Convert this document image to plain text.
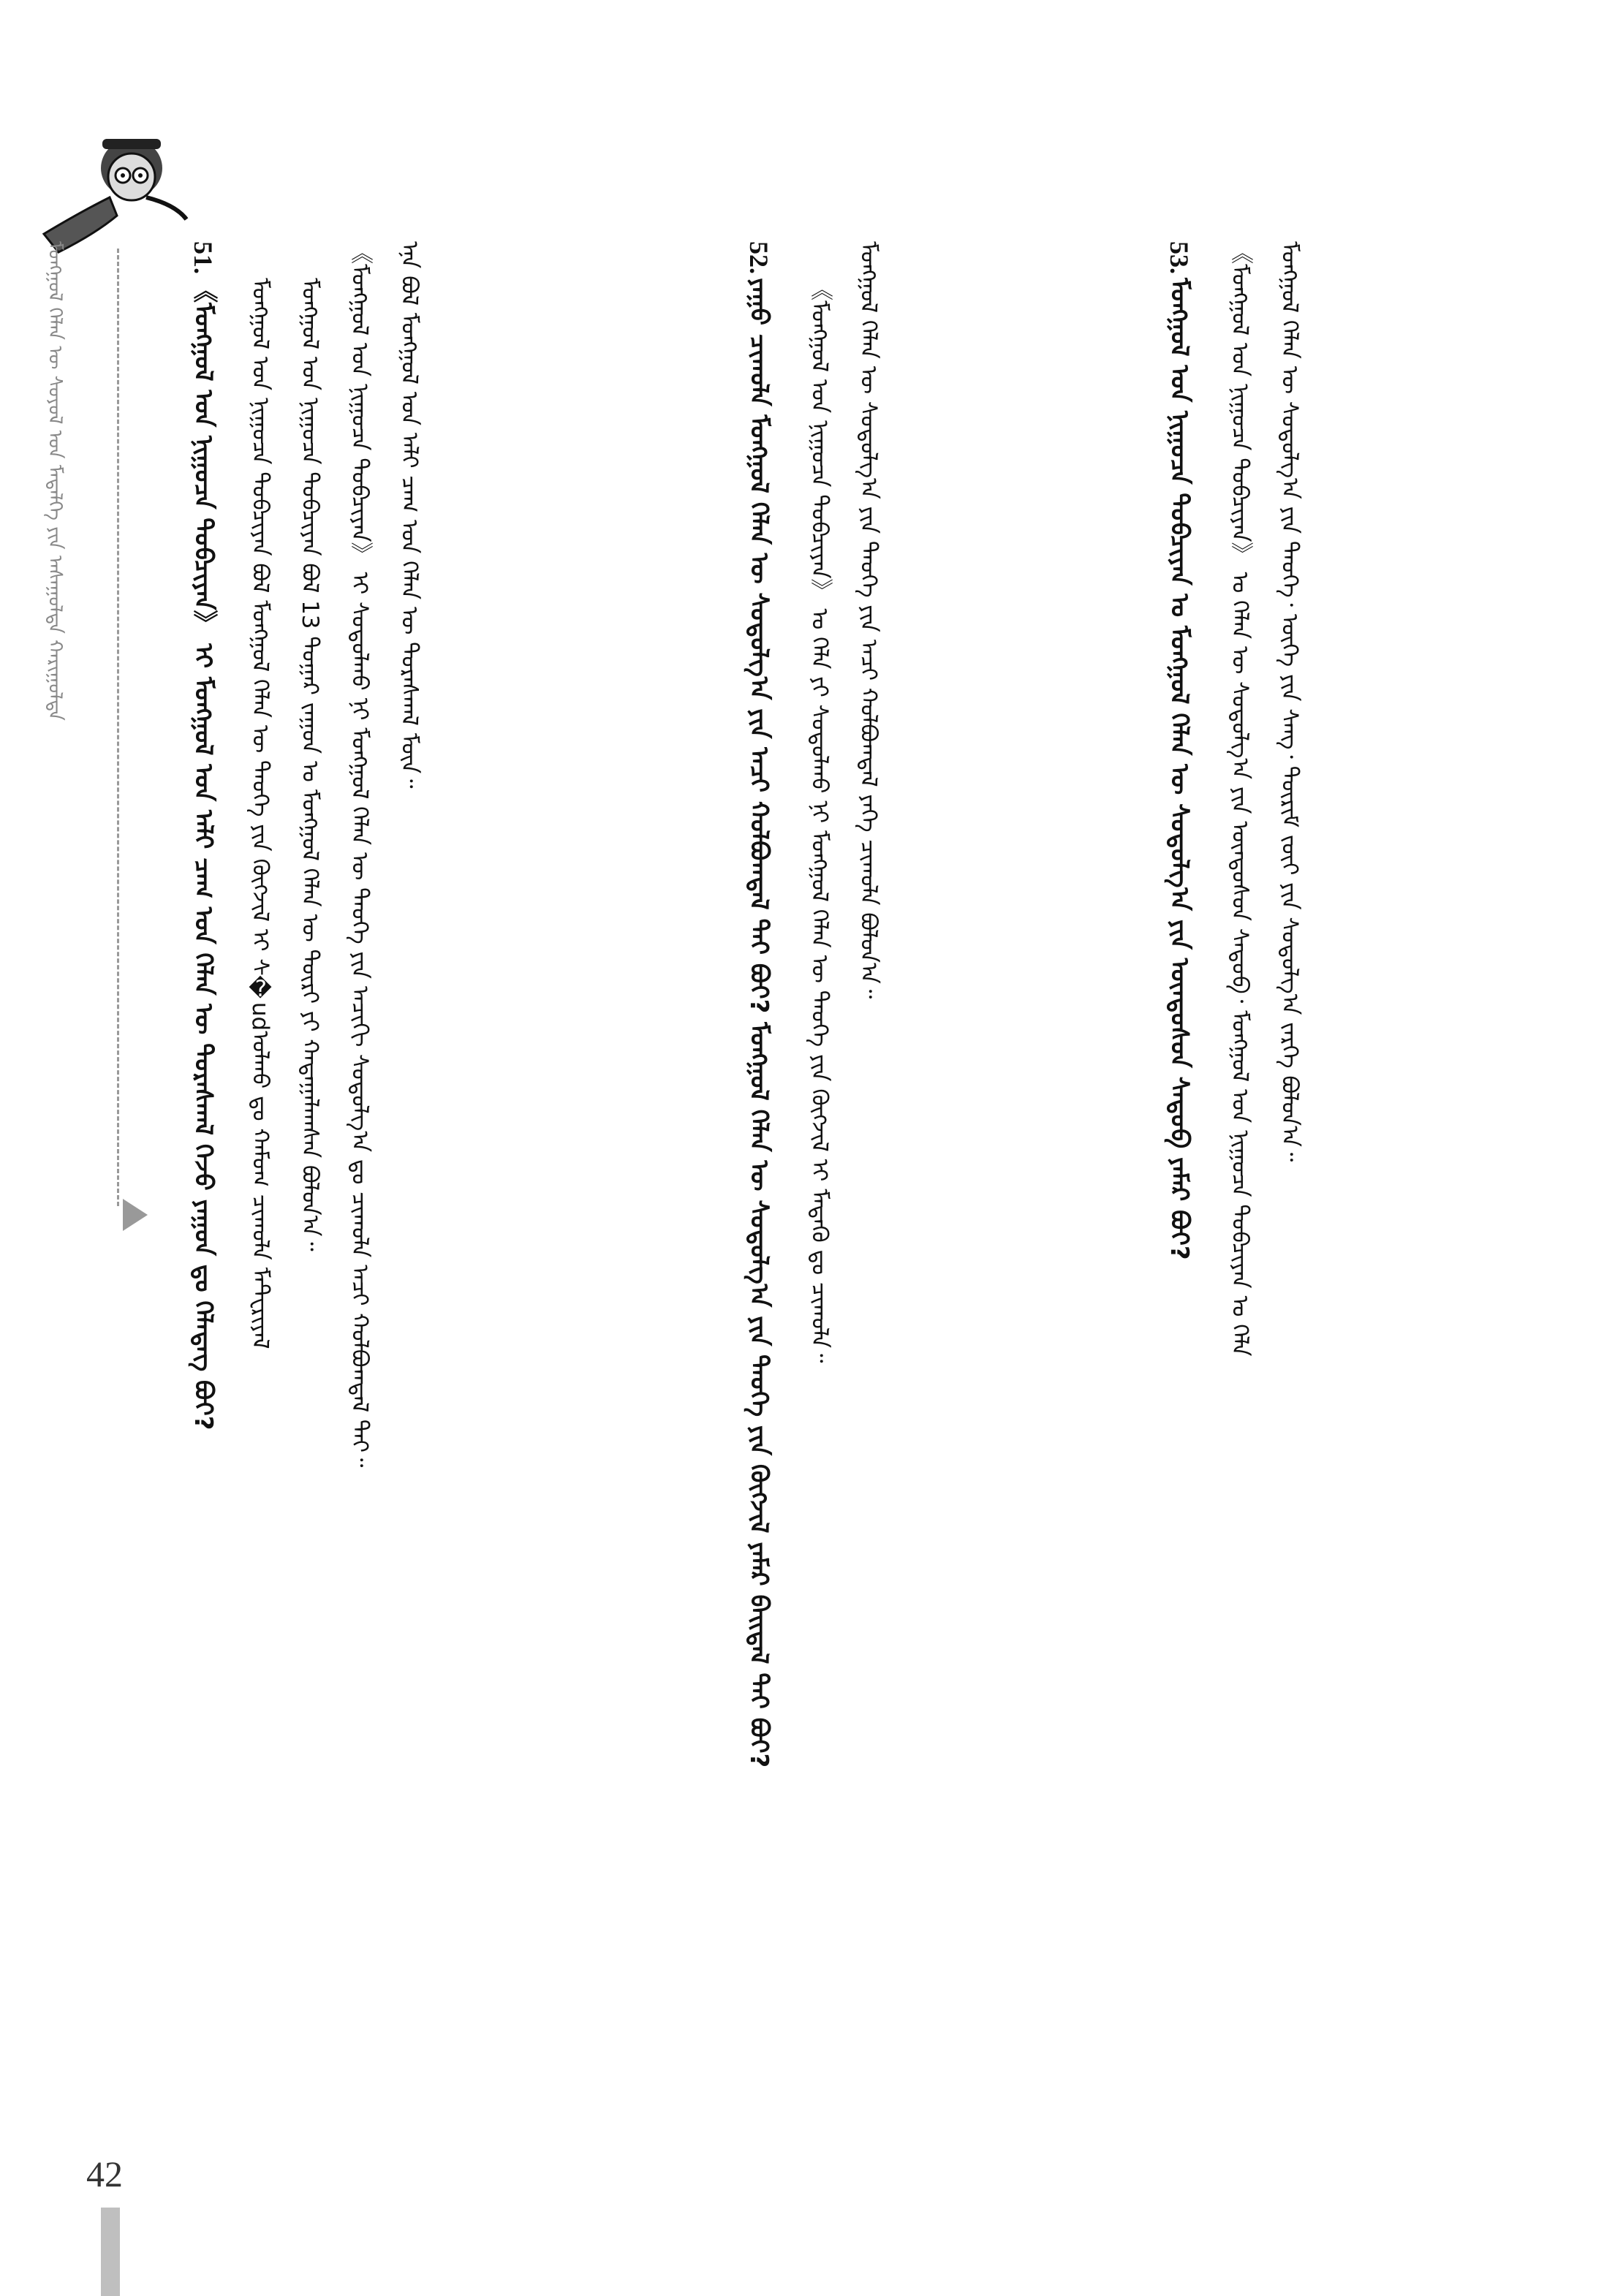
ᠮᠣᠩᠭᠣᠯ ᠬᠡᠯᠡᠨ ᠦ ᠰᠣᠶᠣᠯ ᠤᠨ ᠮᠡᠳᠡᠯᠭᠡ ᠶᠢᠨ ᠠᠰᠠᠭᠤᠯᠲᠠ ᠬᠠᠷᠢᠭᠤᠯᠲᠠ	51. 《ᠮᠣᠩᠭᠣᠯ ᠤᠨ ᠨᠢᠭᠤᠴᠠ ᠲᠣᠪᠴᠢᠶᠠᠨ》 ᠢ ᠮᠣᠩᠭᠣᠯ ᠤᠨ ᠠᠯᠢ ᠴᠠᠭ ᠤᠨ ᠬᠡᠯᠡᠨ ᠦ ᠳᠤᠷᠠᠰᠬᠠᠯ ᠭᠡᠵᠦ ᠶᠠᠭᠤᠨ ᠳᠤ ᠬᠡᠯᠡᠳᠡᠭ ᠪᠤᠢ? ᠮᠣᠩᠭᠣᠯ ᠤᠨ ᠨᠢᠭᠤᠴᠠ ᠲᠣᠪᠴᠢᠶᠠᠨ ᠪᠣᠯ ᠮᠣᠩᠭᠣᠯ ᠬᠡᠯᠡᠨ ᠦ ᠲᠡᠦᠬᠡ ᠶᠢᠨ ᠬᠦᠭᠵᠢᠯ ᠢ ᠰ�udᠤᠯᠬᠤ ᠳᠤ ᠬᠠᠮᠤᠭ ᠴᠢᠬᠤᠯᠠ ᠮᠠᠲ᠋ᠸᠷᠢᠶᠠᠯ ᠮᠣᠩᠭᠣᠯ ᠤᠨ ᠨᠢᠭᠤᠴᠠ ᠲᠣᠪᠴᠢᠶᠠᠨ ᠪᠣᠯ 13 ᠳᠤᠭᠠᠷ ᠵᠠᠭᠤᠨ ᠤ ᠮᠣᠩᠭᠣᠯ ᠬᠡᠯᠡᠨ ᠦ ᠳᠦᠷᠢ ᠶᠢ ᠬᠠᠳᠠᠭᠠᠯᠠᠭᠰᠠᠨ ᠪᠣᠯᠤᠨ᠎ᠠ᠃ 《ᠮᠣᠩᠭᠣᠯ ᠤᠨ ᠨᠢᠭᠤᠴᠠ ᠲᠣᠪᠴᠢᠶᠠᠨ》 ᠢ ᠰᠤᠳᠤᠯᠬᠤ ᠨᠢ ᠮᠣᠩᠭᠣᠯ ᠬᠡᠯᠡᠨ ᠦ ᠲᠡᠦᠬᠡ ᠶᠢᠨ ᠠᠴᠢᠬᠢ ᠰᠤᠳᠤᠯᠭ᠎ᠠ ᠳᠤ ᠴᠢᠬᠤᠯᠠ ᠠᠴᠢ ᠬᠣᠯᠪᠣᠭᠳᠠᠯ ᠲᠠᠢ᠃ ᠡᠨᠡ ᠪᠣᠯ ᠮᠣᠩᠭᠣᠯ ᠤᠨ ᠠᠯᠢ ᠴᠠᠭ ᠤᠨ ᠬᠡᠯᠡᠨ ᠦ ᠳᠤᠷᠠᠰᠬᠠᠯ ᠮᠥᠨ᠃	52. ᠶᠠᠭᠤ ᠴᠢᠬᠤᠯᠠ ᠮᠣᠩᠭᠣᠯ ᠬᠡᠯᠡᠨ ᠦ ᠰᠤᠳᠤᠯᠭ᠎ᠠ ᠶᠢᠨ ᠠᠴᠢ ᠬᠣᠯᠪᠣᠭᠳᠠᠯ ᠲᠠᠢ ᠪᠤᠢ? ᠮᠣᠩᠭᠣᠯ ᠬᠡᠯᠡᠨ ᠦ ᠰᠤᠳᠤᠯᠭ᠎ᠠ ᠶᠢᠨ ᠲᠡᠦᠬᠡ ᠶᠢᠨ ᠬᠦᠭᠵᠢᠯ ᠶᠠᠮᠠᠷ ᠪᠠᠢᠳᠠᠯ ᠲᠠᠢ ᠪᠤᠢ? 《ᠮᠣᠩᠭᠣᠯ ᠤᠨ ᠨᠢᠭᠤᠴᠠ ᠲᠣᠪᠴᠢᠶᠠᠨ》 ᠤ ᠬᠡᠯᠡ ᠶᠢ ᠰᠤᠳᠤᠯᠬᠤ ᠨᠢ ᠮᠣᠩᠭᠣᠯ ᠬᠡᠯᠡᠨ ᠦ ᠲᠡᠦᠬᠡ ᠶᠢᠨ ᠬᠦᠭᠵᠢᠯ ᠢ ᠮᠡᠳᠡᠬᠦ ᠳᠤ ᠴᠢᠬᠤᠯᠠ᠃ ᠮᠣᠩᠭᠣᠯ ᠬᠡᠯᠡᠨ ᠦ ᠰᠤᠳᠤᠯᠭ᠎ᠠ ᠶᠢᠨ ᠲᠡᠦᠬᠡ ᠶᠢᠨ ᠠᠴᠢ ᠬᠣᠯᠪᠣᠭᠳᠠᠯ ᠶᠡᠬᠡ ᠴᠢᠬᠤᠯᠠ ᠪᠣᠯᠤᠨ᠎ᠠ᠃	53. ᠮᠣᠩᠭᠣᠯ ᠤᠨ ᠨᠢᠭᠤᠴᠠ ᠲᠣᠪᠴᠢᠶᠠᠨ ᠤ ᠮᠣᠩᠭᠣᠯ ᠬᠡᠯᠡᠨ ᠦ ᠰᠤᠳᠤᠯᠭ᠎ᠠ ᠶᠢᠨ ᠦᠨᠳᠦᠰᠦᠨ ᠰᠡᠳᠦᠪ ᠶᠠᠮᠠᠷ ᠪᠤᠢ? 《ᠮᠣᠩᠭᠣᠯ ᠤᠨ ᠨᠢᠭᠤᠴᠠ ᠲᠣᠪᠴᠢᠶᠠᠨ》 ᠤ ᠬᠡᠯᠡᠨ ᠦ ᠰᠤᠳᠤᠯᠭ᠎ᠠ ᠶᠢᠨ ᠦᠨᠳᠦᠰᠦᠨ ᠰᠡᠳᠦᠪ᠂ ᠮᠣᠩᠭᠣᠯ ᠤᠨ ᠨᠢᠭᠤᠴᠠ ᠲᠣᠪᠴᠢᠶᠠᠨ ᠤ ᠬᠡᠯᠡ ᠮᠣᠩᠭᠣᠯ ᠬᠡᠯᠡᠨ ᠦ ᠰᠤᠳᠤᠯᠭ᠎ᠠ ᠶᠢᠨ ᠲᠡᠦᠬᠡ᠂ ᠦᠭᠡ ᠶᠢᠨ ᠰᠠᠩ᠂ ᠳᠦᠷᠢᠮ ᠵᠦᠢ ᠶᠢᠨ ᠰᠤᠳᠤᠯᠭ᠎ᠠ ᠵᠡᠷᠭᠡ ᠪᠣᠯᠤᠨ᠎ᠠ᠃
42
